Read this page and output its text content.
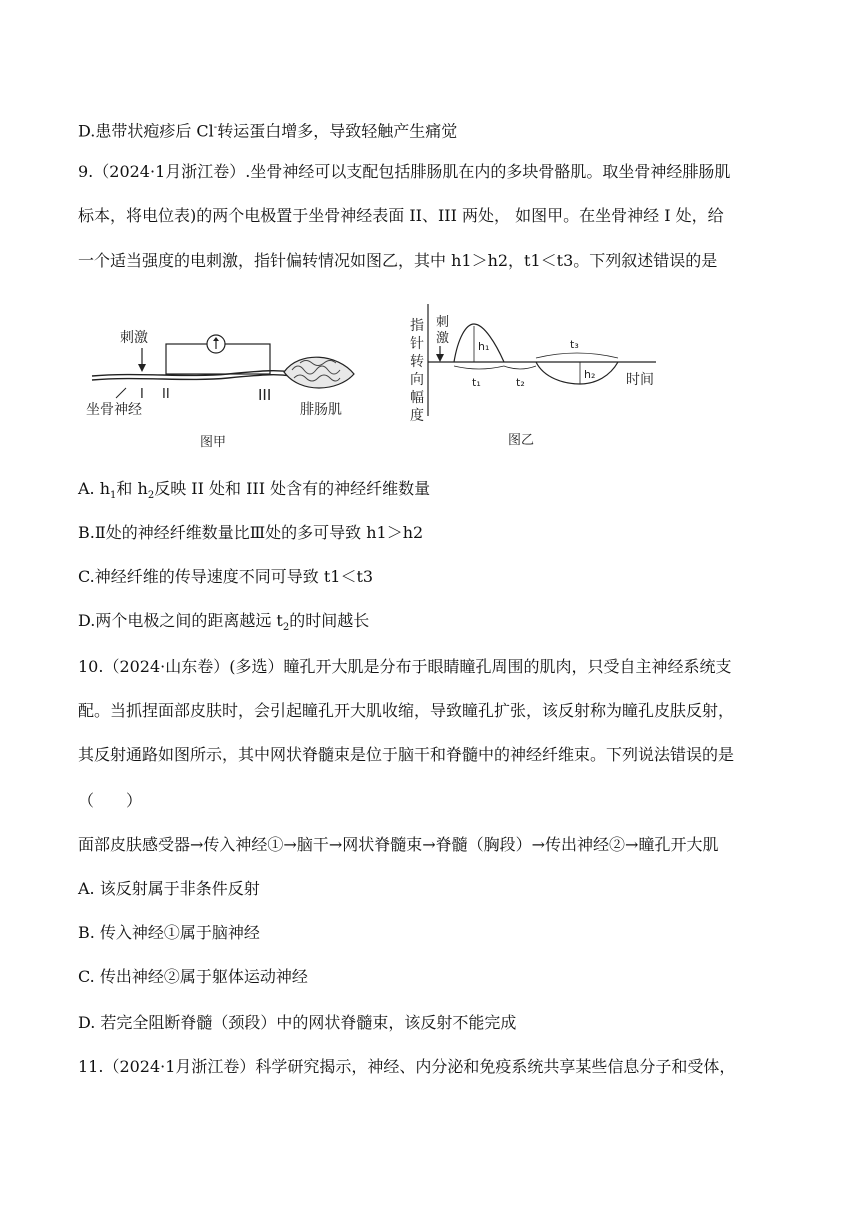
D.患带状疱疹后 Cl-转运蛋白增多，导致轻触产生痛觉
9.（2024·1月浙江卷）.坐骨神经可以支配包括腓肠肌在内的多块骨骼肌。取坐骨神经腓肠肌
标本，将电位表)的两个电极置于坐骨神经表面 II、III 两处， 如图甲。在坐骨神经 I 处，给
一个适当强度的电刺激，指针偏转情况如图乙，其中 h1＞h2，t1＜t3。下列叙述错误的是
刺激
I II	III
坐骨神经	腓肠肌
图甲
指
针
转
向
幅
度
刺
激
h₁
t₁	t₂
h₂
t₃
时间
图乙
A. $h_1$和 $h_2$反映 II 处和 III 处含有的神经纤维数量
B.Ⅱ处的神经纤维数量比Ⅲ处的多可导致 h1＞h2
C.神经纤维的传导速度不同可导致 t1＜t3
D.两个电极之间的距离越远 $t_2$的时间越长
10.（2024·山东卷）(多选）瞳孔开大肌是分布于眼睛瞳孔周围的肌肉，只受自主神经系统支
配。当抓捏面部皮肤时，会引起瞳孔开大肌收缩，导致瞳孔扩张，该反射称为瞳孔皮肤反射，
其反射通路如图所示，其中网状脊髓束是位于脑干和脊髓中的神经纤维束。下列说法错误的是
（　　）
面部皮肤感受器→传入神经①→脑干→网状脊髓束→脊髓（胸段）→传出神经②→瞳孔开大肌
A. 该反射属于非条件反射
B. 传入神经①属于脑神经
C. 传出神经②属于躯体运动神经
D. 若完全阻断脊髓（颈段）中的网状脊髓束，该反射不能完成
11.（2024·1月浙江卷）科学研究揭示，神经、内分泌和免疫系统共享某些信息分子和受体，
